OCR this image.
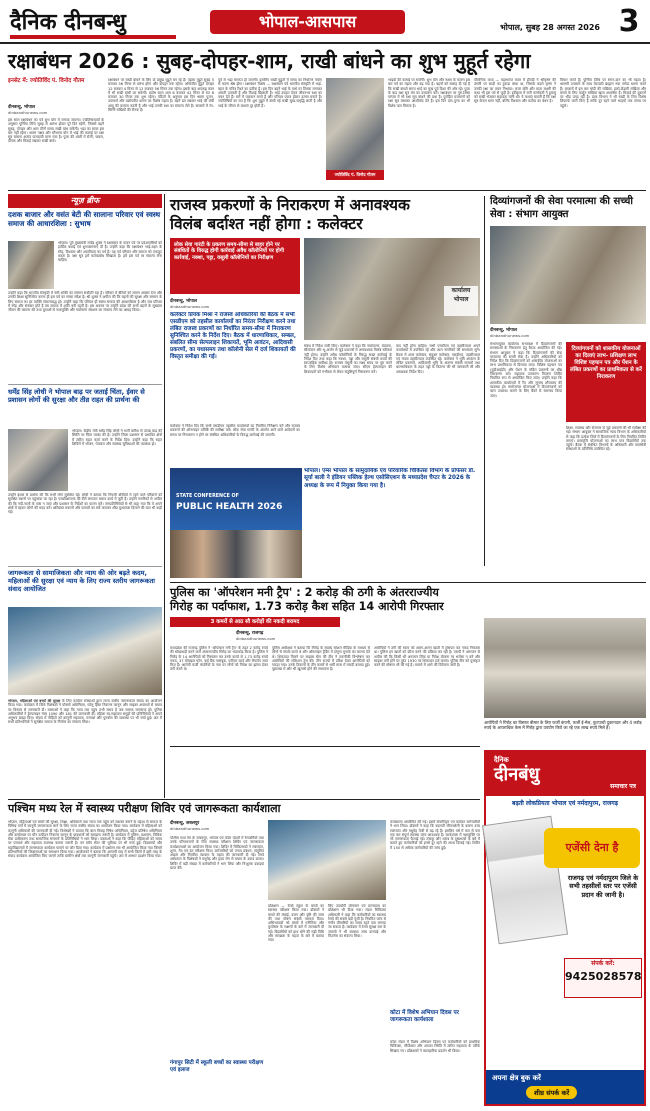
दैनिक दीनबन्धु	भोपाल-आसपास	भोपाल, सुबह 28 अगस्त 2026 3
रक्षाबंधन 2026 : सुबह-दोपहर-शाम, राखी बांधने का शुभ मुहूर्त रहेगा
इनसेट में: ज्योतिर्विद पं. विनोद गौतम
दीनबन्धु, भोपाल
dinbandhunews.com
इस साल रक्षाबंधन का पर्व शुभ योग में मनाया जाएगा। ज्योतिषाचार्यों के अनुसार पूर्णिमा तिथि सुबह से आरंभ होकर पूरे दिन रहेगी, जिससे बहनें सुबह, दोपहर और शाम तीनों समय राखी बांध सकेंगी। भद्रा का साया इस बार नहीं रहेगा। श्रवण नक्षत्र और सौभाग्य योग में भाई की कलाई पर रक्षा सूत्र बांधना अत्यंत फलदायी माना गया है। पूजा की थाली में रोली, चावल, दीपक और मिठाई रखकर राखी बांधें।
रक्षाबंधन पर राखी बांधने के लिए दो प्रमुख मुहूर्त बन रहे हैं। पहला मुहूर्त सुबह 5 बजकर 56 मिनट से प्रारंभ होगा और दोपहर तक रहेगा। अभिजीत मुहूर्त दोपहर 12 बजकर 4 मिनट से 12 बजकर 56 मिनट तक रहेगा। इसके बाद अपराह्न काल में भी राखी बांधी जा सकेगी। प्रदोष काल शाम 6 बजकर 42 मिनट से रात 8 बजकर 30 मिनट तक शुभ रहेगा। पंडितों के अनुसार इस दिन श्रवण पूजन, उपाकर्म और यज्ञोपवीत धारण का विशेष महत्व है। बहनें व्रत रखकर भाई की लंबी आयु की कामना करती हैं और भाई उनकी रक्षा का संकल्प लेते हैं। बाजारों में रंग-बिरंगी राखियों की रौनक है।
पूर्व से भद्रा समाप्त हो जाएगी। इसलिए राखी मुहूर्तों में समय का निर्धारण पंचांग से करना श्रेष्ठ होगा। रक्षाबंधन विशेष — रक्षाबंधन पर्व भारतीय संस्कृति में भाई-बहन के पवित्र रिश्ते का प्रतीक है। इस दिन बहनें भाई के माथे पर तिलक लगाकर आरती उतारती हैं और मिठाई खिलाती हैं। भाई उपहार देकर जीवनभर रक्षा का वचन देते हैं। घरों में पकवान बनते हैं और परिवार एकत्र होकर उत्सव मनाते हैं। ज्योतिषियों का मत है कि शुभ मुहूर्त में बांधी गई राखी सुख-समृद्धि लाती है और भाई के जीवन से बाधाएं दूर होती हैं।
ज्योतिर्विद पं. विनोद गौतम
भाइयों की कलाई पर सजेंगी। शुभ योग और नक्षत्र के कारण इस बार पर्व का महत्व और बढ़ गया है। बहनों को सलाह दी गई है कि राखी बांधते समय भाई का मुख पूर्व दिशा की ओर रहे। पूजा के बाद रक्षा सूत्र मंत्र का उच्चारण करें। रक्षाबंधन पर गुरु-शिष्य परंपरा में भी रक्षा सूत्र बांधने की प्रथा है। पुरोहित यजमानों को रक्षा सूत्र बांधकर आशीर्वाद देते हैं। इस दिन दान-पुण्य का भी विशेष फल मिलता है।
पौराणिक कथा — महाभारत काल में द्रौपदी ने श्रीकृष्ण की उंगली पर साड़ी का टुकड़ा बांधा था, जिसके बदले कृष्ण ने उनकी रक्षा का वचन निभाया। राजा बलि और माता लक्ष्मी की कथा भी इस पर्व से जुड़ी है। इतिहास में रानी कर्णावती ने हुमायूं को राखी भेजकर सहायता मांगी थी। ये कथाएं बताती हैं कि रक्षा सूत्र केवल धागा नहीं, बल्कि विश्वास और कर्तव्य का बंधन है।
विचार करते हैं। पूर्णिमा तिथि पर स्नान-दान का भी महत्व है। श्रावणी उपाकर्म के साथ वेदपाठी ब्राह्मण नया जनेऊ धारण करते हैं। बाजारों में इस बार चांदी की राखियां, इको-फ्रेंडली राखियां और बच्चों के लिए कार्टून राखियां खास आकर्षण हैं। मिठाई की दुकानों पर भीड़ उमड़ रही है। डाक विभाग ने भी राखी के लिए विशेष लिफाफे जारी किए हैं ताकि दूर रहने वाले भाइयों तक समय पर पहुंचे।
न्यूज़ ब्रीफ
दशक बाजार और वसंत बेटी की सालाना परिवार एवं स्वस्थ समाज की आधारशिला : सुभाष
भोपाल। पूर्व मुख्यमंत्री राजेंद्र शुक्ल ने रक्षाबंधन के पावन पर्व पर प्रदेशवासियों को हार्दिक बधाई एवं शुभकामनाएं दी हैं। उन्होंने कहा कि रक्षाबंधन भाई-बहन के स्नेह, विश्वास और आत्मीयता का पर्व है। यह पर्व परिवार और समाज को एकजुट करता है। रक्षा सूत्र हमें कर्तव्यबोध सिखाता है। हमें इस पर्व पर संकल्प लेना चाहिए।
उन्होंने कहा कि भारतीय संस्कृति में नारी शक्ति का सम्मान सर्वोपरि रहा है। परिवार में बेटियों को समान अवसर देना और उनकी शिक्षा सुनिश्चित करना ही इस पर्व का सच्चा संदेश है। श्री शुक्ल ने अपील की कि बहनों की सुरक्षा और सम्मान के लिए समाज का हर व्यक्ति संकल्पबद्ध हो। उन्होंने कहा कि परिवार ही स्वस्थ समाज की आधारशिला है और जब परिवार में स्नेह और संस्कार होते हैं तब समाज में शांति बनी रहती है। इस अवसर पर उन्होंने प्रदेश की सभी बहनों के सुखमय जीवन की कामना की तथा युवाओं से नशामुक्ति और पर्यावरण संरक्षण का संकल्प लेने का आग्रह किया।
धर्मेंद्र सिंह लोधी ने भोपाल बाढ़ पर जताई चिंता, ईवार से प्रशासन लोगों की सुरक्षा और तीव्र राहत की प्रार्थना की
भोपाल। केंद्रीय मंत्री धर्मेंद्र सिंह लोधी ने भारी बारिश से उत्पन्न बाढ़ की स्थिति पर चिंता व्यक्त की है। उन्होंने जिला प्रशासन से प्रभावित क्षेत्रों में त्वरित राहत कार्य करने के निर्देश दिए। उन्होंने कहा कि राहत शिविरों में भोजन, पेयजल और स्वास्थ्य सुविधाओं की व्यवस्था हो।
उन्होंने ईश्वर से प्रार्थना की कि सभी लोग सुरक्षित रहें। लोधी ने बताया कि निचली बस्तियों में रहने वाले परिवारों को सुरक्षित स्थानों पर पहुंचाया जा रहा है। एसडीआरएफ की टीमें लगातार बचाव कार्य में जुटी हैं। उन्होंने नागरिकों से अपील की कि नदी-नालों के पास न जाएं और प्रशासन के निर्देशों का पालन करें। जनप्रतिनिधियों से भी कहा गया कि वे अपने क्षेत्रों में रहकर लोगों की मदद करें। क्षतिग्रस्त मकानों और फसलों का सर्वे कराकर शीघ्र मुआवजा दिलाने की बात भी कही गई।
जागरूकता से सामाजिकता और न्याय की ओर बढ़ते कदम, महिलाओं की सुरक्षा एवं न्याय के लिए राज्य स्तरीय जागरूकता संवाद आयोजित
भोपाल, महिलाओं एवं बच्चों की सुरक्षा के लिए कार्यरत संस्थाओं द्वारा राज्य स्तरीय जागरूकता संवाद का आयोजन किया गया। कार्यक्रम में विधि विशेषज्ञों ने पॉक्सो अधिनियम, घरेलू हिंसा निवारण कानून और साइबर अपराधों से बचाव पर विस्तार से जानकारी दी। वक्ताओं ने कहा कि न्याय तक पहुंच तभी संभव है जब समाज जागरूक हो। पुलिस अधिकारियों ने हेल्पलाइन नंबर 1090 और 181 की जानकारी दी। महिला स्व-सहायता समूहों की प्रतिनिधियों ने अपने अनुभव साझा किए। संवाद में पीड़ितों को कानूनी सहायता, परामर्श और पुनर्वास की व्यवस्था पर भी चर्चा हुई। अंत में सभी प्रतिभागियों ने सुरक्षित समाज के निर्माण का संकल्प लिया।
राजस्व प्रकरणों के निराकरण में अनावश्यक
विलंब बर्दाश्त नहीं होगा : कलेक्टर
लोक सेवा गारंटी के प्रकरण समय-सीमा से बाहर होने पर संबंधितों के विरुद्ध होगी कार्रवाई अवैध कॉलोनियों पर होगी कार्रवाई, नक्शा, पट्टा, वसूली कॉलोनियों का निरीक्षण
दीनबन्धु, भोपाल
dinbandhunews.com
कलेक्टर प्रियंक मिश्रा ने राजस्व अधिकारियों की बैठक में सभी एसडीएम को तहसील कार्यालयों का निरंतर निरीक्षण करने तथा लंबित राजस्व प्रकरणों का निर्धारित समय-सीमा में निराकरण सुनिश्चित करने के निर्देश दिए। बैठक में धारणाधिकार, सम्बल, संबलित सीमा सेल्पलाइन शिकायतें, भूमि आवंटन, आदिवासी प्रकरणों, का यथासमय तथा कॉलोनी सेल में दर्ज शिकायतों की विस्तृत समीक्षा की गई।
कलेक्टर ने निर्देश दिए कि सभी एसडीएम तहसील कार्यालयों का नियमित निरीक्षण करें और राजस्व प्रकरणों की ऑनलाइन प्रविष्टि की समीक्षा करें। लोक सेवा गारंटी के अंतर्गत आने वाले आवेदनों का समय पर निराकरण न होने पर संबंधित अधिकारियों के विरुद्ध कार्रवाई की जाएगी।
संबंध में निर्देश जारी किए। कलेक्टर ने कहा कि नामांतरण, बंटवारा, सीमांकन और भू-अर्जन से जुड़े प्रकरणों में अनावश्यक विलंब स्वीकार नहीं होगा। उन्होंने अवैध कॉलोनियों के विरुद्ध सख्त कार्रवाई के निर्देश दिए तथा कहा कि नक्शा, पट्टा और वसूली संबंधी कार्यों की साप्ताहिक समीक्षा हो। राजस्व वसूली का लक्ष्य समय पर पूरा करने के लिए विशेष अभियान चलाया जाए। सीएम हेल्पलाइन की शिकायतों को गंभीरता से लेकर संतुष्टिपूर्ण निराकरण करें।
बाद नहीं होना चाहिए। सभी एसडीएम एवं तहसीलदार अपने कार्यालयों में उपस्थित रहें और आम नागरिकों की समस्याएं सुनें। बैठक में अपर कलेक्टर, संयुक्त कलेक्टर, एसडीएम, तहसीलदार एवं नायब तहसीलदार उपस्थित रहे। कलेक्टर ने भूमि आवंटन के लंबित प्रकरणों, आदिवासी भूमि के अंतरण संबंधी मामलों तथा धारणाधिकार के तहत पट्टों के वितरण की भी जानकारी ली और आवश्यक निर्देश दिए।
कार्यालय भोपाल
दिव्यांगजनों की सेवा परमात्मा की सच्ची सेवा : संभाग आयुक्त
दीनबन्धु, भोपाल
dinbandhunews.com
संभागायुक्त कार्यालय सभाकक्ष में दिव्यांगजनों की समस्याओं के निराकरण हेतु बैठक आयोजित की गई। संभाग आयुक्त ने कहा कि दिव्यांगजनों की सेवा परमात्मा की सच्ची सेवा है। उन्होंने अधिकारियों को निर्देश दिए कि दिव्यांगजनों को शासकीय योजनाओं का लाभ प्राथमिकता से दिलाया जाए। विशिष्ट पहचान पत्र (यूडीआईडी) और पेंशन के लंबित प्रकरणों का शीघ्र निराकरण करें। सहायक उपकरण वितरण शिविर नियमित रूप से आयोजित किए जाएं। उन्होंने कहा कि शासकीय कार्यालयों में रैंप और सुगम्य शौचालय की व्यवस्था हो। स्वरोजगार योजनाओं में दिव्यांगजनों को ऋण उपलब्ध कराने के लिए बैंकों से समन्वय किया जाए।
दिव्यांगजनों को शासकीय योजनाओं का दिलाएं लाभ- प्रशिक्षण लाभ विशिष्ट पहचान पत्र और पेंशन के लंबित प्रकरणों का प्राथमिकता से करें निराकरण
शिक्षा, स्वास्थ्य और रोजगार से जुड़े प्रकरणों की भी समीक्षा की गई। संभाग आयुक्त ने सामाजिक न्याय विभाग के अधिकारियों से कहा कि प्रत्येक जिले में दिव्यांगजनों के लिए नियमित शिविर लगाएं। छात्रवृत्ति योजनाओं का लाभ पात्र विद्यार्थियों तक पहुंचे। बैठक में संबंधित विभागों के अधिकारी और स्वयंसेवी संस्थाओं के प्रतिनिधि उपस्थित रहे।
STATE CONFERENCE OF
PUBLIC HEALTH 2026
भोपाल। एम्स भोपाल के सामुदायिक एवं परिवारिक चिकित्सा विभाग के प्रोफेसर डॉ. सूर्या बाली ने इंडियन पब्लिक हेल्थ एसोसिएशन के मध्यप्रदेश चैप्टर के 2026 के अध्यक्ष के रूप में नियुक्त किया गया है।
पुलिस का 'ऑपरेशन मनी ट्रैप' : 2 करोड़ की ठगी के अंतरराज्यीय
गिरोह का पर्दाफाश, 1.73 करोड़ कैश सहित 14 आरोपी गिरफ्तार
3 कमरों से आठ सौ करोड़ों की नकदी बरामद
दीनबन्धु, राजगढ़
dinbandhunews.com
मध्यप्रदेश की राजगढ़ पुलिस ने 'ऑपरेशन मनी ट्रैप' के तहत 2 करोड़ रुपये की धोखाधड़ी करने वाले अंतरराज्यीय गिरोह का भंडाफोड़ किया है। पुलिस ने गिरोह के 14 आरोपियों को गिरफ्तार कर उनके कब्जे से 1.73 करोड़ रुपये नकद, 37 मोबाइल फोन, कई बैंक पासबुक, एटीएम कार्ड और लैपटॉप जब्त किए हैं। आरोपी फर्जी कंपनियों के नाम पर लोगों को निवेश का झांसा देकर ठगी करते थे।
पुलिस अधीक्षक ने बताया कि गिरोह के सदस्य सोशल मीडिया के माध्यम से लोगों से संपर्क करते थे और ऑनलाइन ट्रेडिंग में दोगुना मुनाफे का लालच देते थे। शिकायत मिलने पर साइबर सेल की टीम ने तकनीकी विश्लेषण कर आरोपियों की लोकेशन ट्रेस की। तीन राज्यों में दबिश देकर आरोपियों को पकड़ा गया। उनके ठिकानों के तीन कमरों से भारी मात्रा में नकदी बरामद हुई। पूछताछ में और भी खुलासे होने की संभावना है।
आरोपियों ने ठगी की रकम को अलग-अलग खातों में ट्रांसफर कर नकद निकाला था। पुलिस इन खातों को फ्रीज करने की प्रक्रिया कर रही है। एसपी ने आमजन से अपील की कि किसी भी अनजान लिंक या निवेश योजना पर भरोसा न करें और साइबर ठगी होने पर तुरंत 1930 पर शिकायत दर्ज कराएं। पुलिस टीम को पुरस्कृत करने की घोषणा भी की गई है। मामले में आगे की विवेचना जारी है।
आरोपियों ने गिरोह का विस्तार बीमार के लिए फर्जी कंपनी, फर्जी ई-मेल, फुटपाथी दुकानदार और 4 करोड़ रुपये के आपराधिक केस में गिरोह द्वारा उपयोग किये जा रहे एक लाख रुपये मिले हैं।
पश्चिम मध्य रेल में स्वास्थ्य परीक्षण शिविर एवं जागरूकता कार्यशाला
दीनबन्धु, जबलपुर
dinbandhunews.com
भोपाल, महिलाओं एवं बच्चों की सुरक्षा, शिक्षा, अधिकारों तथा न्याय तक पहुंच को सशक्त बनाने के उद्देश्य से समाज के विभिन्न वर्गों में कानूनी जागरूकता लाने के लिए राज्य स्तरीय संवाद का आयोजन किया गया। कार्यक्रम में महिलाओं को कानूनी अधिकारों की जानकारी दी गई। विशेषज्ञों ने बताया कि बाल विवाह निषेध अधिनियम, दहेज प्रतिषेध अधिनियम और कार्यस्थल पर यौन उत्पीड़न निवारण कानून के प्रावधानों को समझना जरूरी है। कार्यक्रम में पुलिस, प्रशासन, विधिक सेवा प्राधिकरण तथा सामाजिक संगठनों के प्रतिनिधियों ने भाग लिया। वक्ताओं ने कहा कि पीड़ित महिलाओं को समय पर परामर्श और सहायता उपलब्ध कराना जरूरी है। वन स्टॉप सेंटर की भूमिका पर भी चर्चा हुई। विद्यालयों और महाविद्यालयों में जागरूकता कार्यक्रम चलाने पर जोर दिया गया। कार्यक्रम में प्रश्नोत्तर सत्र भी आयोजित किया गया जिसमें प्रतिभागियों की जिज्ञासाओं का समाधान किया गया। आयोजकों ने बताया कि आगामी माह में सभी जिलों में इसी तरह के संवाद कार्यक्रम आयोजित किए जाएंगे ताकि ग्रामीण क्षेत्रों तक कानूनी जानकारी पहुंचे। अंत में आभार प्रदर्शन किया गया।
पश्चिम मध्य रेल के जबलपुर, भोपाल एवं कोटा मंडलों में रेलकर्मियों तथा उनके परिवारजनों के लिए स्वास्थ्य परीक्षण शिविर एवं जागरूकता कार्यशालाओं का आयोजन किया गया। शिविर में चिकित्सकों ने रक्तचाप, शुगर, नेत्र एवं दंत परीक्षण किए। कर्मचारियों को तनाव प्रबंधन, संतुलित आहार और नियमित व्यायाम के महत्व की जानकारी दी गई। रेलवे अस्पताल के विशेषज्ञों ने मधुमेह और हृदय रोग से बचाव के उपाय बताए। शिविर में बड़ी संख्या में कर्मचारियों ने भाग लिया और निःशुल्क दवाइयां प्राप्त कीं।
गंगापुर सिटी में स्कूली बच्चों का स्वास्थ्य परीक्षण एवं इलाज
प्रशिक्षण — रेलवे स्कूल के बच्चों का स्वास्थ्य परीक्षण किया गया। डॉक्टरों ने बच्चों की लंबाई, वजन और दृष्टि की जांच की तथा पोषण संबंधी परामर्श दिया। अभिभावकों को बच्चों में एनीमिया और कुपोषण के लक्षणों के बारे में जानकारी दी गई। विद्यार्थियों को हाथ धोने की सही विधि और स्वच्छता के महत्व के बारे में बताया गया।
लिए उपयोगी योगासन एवं प्राणायाम का प्रशिक्षण भी दिया गया। मंडल चिकित्सा अधिकारी ने कहा कि कर्मचारियों का स्वास्थ्य रेलवे की सबसे बड़ी पूंजी है। नियमित जांच से गंभीर बीमारियों का समय रहते पता लगाया जा सकता है। कार्यक्रम में रेलवे सुरक्षा बल के जवानों ने भी स्वास्थ्य जांच करवाई और फिटनेस का संकल्प लिया।
कोटा में विशेष अभियान दिवस पर जागरूकता कार्यशाला
कार्यशाला आयोजित की गई। इसमें सेवानिवृत्त एवं कार्यरत कर्मचारियों ने भाग लिया। डॉक्टरों ने कहा कि बदलती जीवनशैली के कारण उच्च रक्तचाप और मधुमेह तेजी से बढ़ रहे हैं। इसलिए वर्ष में कम से कम एक बार संपूर्ण स्वास्थ्य जांच आवश्यक है। कार्यशाला में नशामुक्ति पर भी जागरूकता फैलाई गई। तंबाकू और शराब के दुष्प्रभावों के बारे में बताते हुए कर्मचारियों को इनसे दूर रहने की शपथ दिलाई गई। शिविर में 150 से अधिक कर्मचारियों की जांच हुई।
कोटा मंडल में विशेष अभियान दिवस पर कर्मचारियों को प्राथमिक चिकित्सा, सीपीआर और आपात स्थिति में त्वरित सहायता के तरीके सिखाए गए। प्रशिक्षकों ने व्यावहारिक प्रदर्शन भी किया।
दैनिक
दीनबंधु
समाचार पत्र
बढ़ती लोकप्रियता भोपाल एवं नर्मदापुरम, राजगढ़
एजेंसी देना है
राजगढ़ एवं नर्मदापुरम जिले के सभी तहसीलों स्तर पर एजेंसी प्रदान की जानी है।
संपर्क करें:
9425028578
अपना क्षेत्र बुक करें
शीघ्र संपर्क करें
